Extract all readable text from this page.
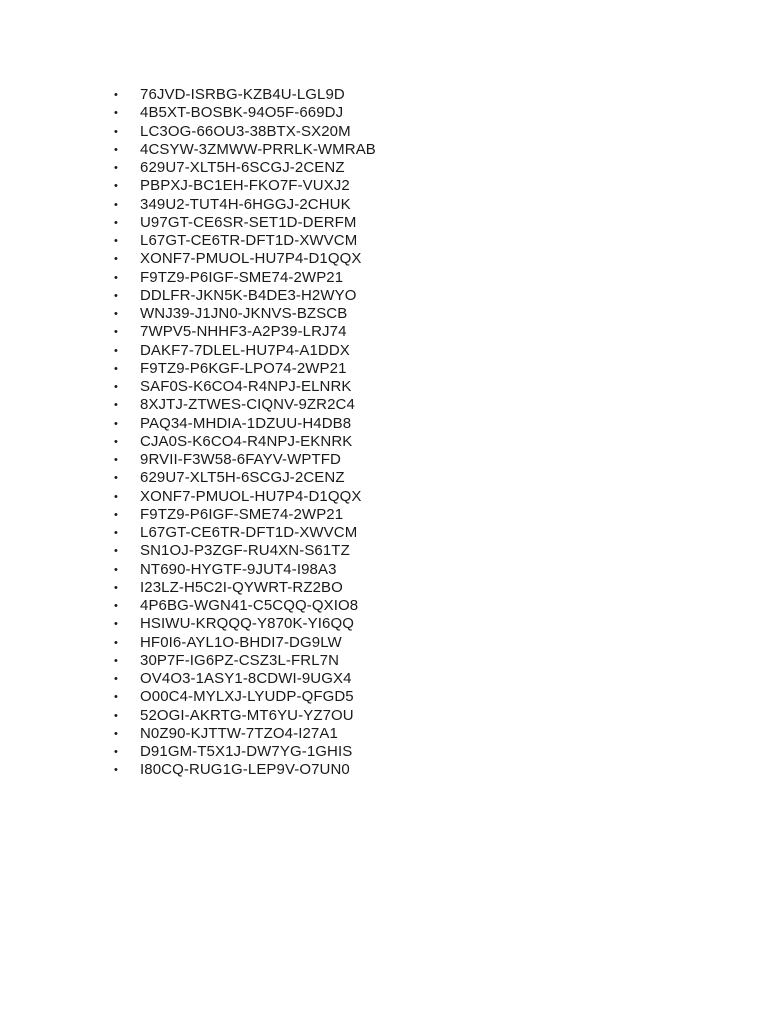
•	76JVD-ISRBG-KZB4U-LGL9D
•	4B5XT-BOSBK-94O5F-669DJ
•	LC3OG-66OU3-38BTX-SX20M
•	4CSYW-3ZMWW-PRRLK-WMRAB
•	629U7-XLT5H-6SCGJ-2CENZ
•	PBPXJ-BC1EH-FKO7F-VUXJ2
•	349U2-TUT4H-6HGGJ-2CHUK
•	U97GT-CE6SR-SET1D-DERFM
•	L67GT-CE6TR-DFT1D-XWVCM
•	XONF7-PMUOL-HU7P4-D1QQX
•	F9TZ9-P6IGF-SME74-2WP21
•	DDLFR-JKN5K-B4DE3-H2WYO
•	WNJ39-J1JN0-JKNVS-BZSCB
•	7WPV5-NHHF3-A2P39-LRJ74
•	DAKF7-7DLEL-HU7P4-A1DDX
•	F9TZ9-P6KGF-LPO74-2WP21
•	SAF0S-K6CO4-R4NPJ-ELNRK
•	8XJTJ-ZTWES-CIQNV-9ZR2C4
•	PAQ34-MHDIA-1DZUU-H4DB8
•	CJA0S-K6CO4-R4NPJ-EKNRK
•	9RVII-F3W58-6FAYV-WPTFD
•	629U7-XLT5H-6SCGJ-2CENZ
•	XONF7-PMUOL-HU7P4-D1QQX
•	F9TZ9-P6IGF-SME74-2WP21
•	L67GT-CE6TR-DFT1D-XWVCM
•	SN1OJ-P3ZGF-RU4XN-S61TZ
•	NT690-HYGTF-9JUT4-I98A3
•	I23LZ-H5C2I-QYWRT-RZ2BO
•	4P6BG-WGN41-C5CQQ-QXIO8
•	HSIWU-KRQQQ-Y870K-YI6QQ
•	HF0I6-AYL1O-BHDI7-DG9LW
•	30P7F-IG6PZ-CSZ3L-FRL7N
•	OV4O3-1ASY1-8CDWI-9UGX4
•	O00C4-MYLXJ-LYUDP-QFGD5
•	52OGI-AKRTG-MT6YU-YZ7OU
•	N0Z90-KJTTW-7TZO4-I27A1
•	D91GM-T5X1J-DW7YG-1GHIS
•	I80CQ-RUG1G-LEP9V-O7UN0
